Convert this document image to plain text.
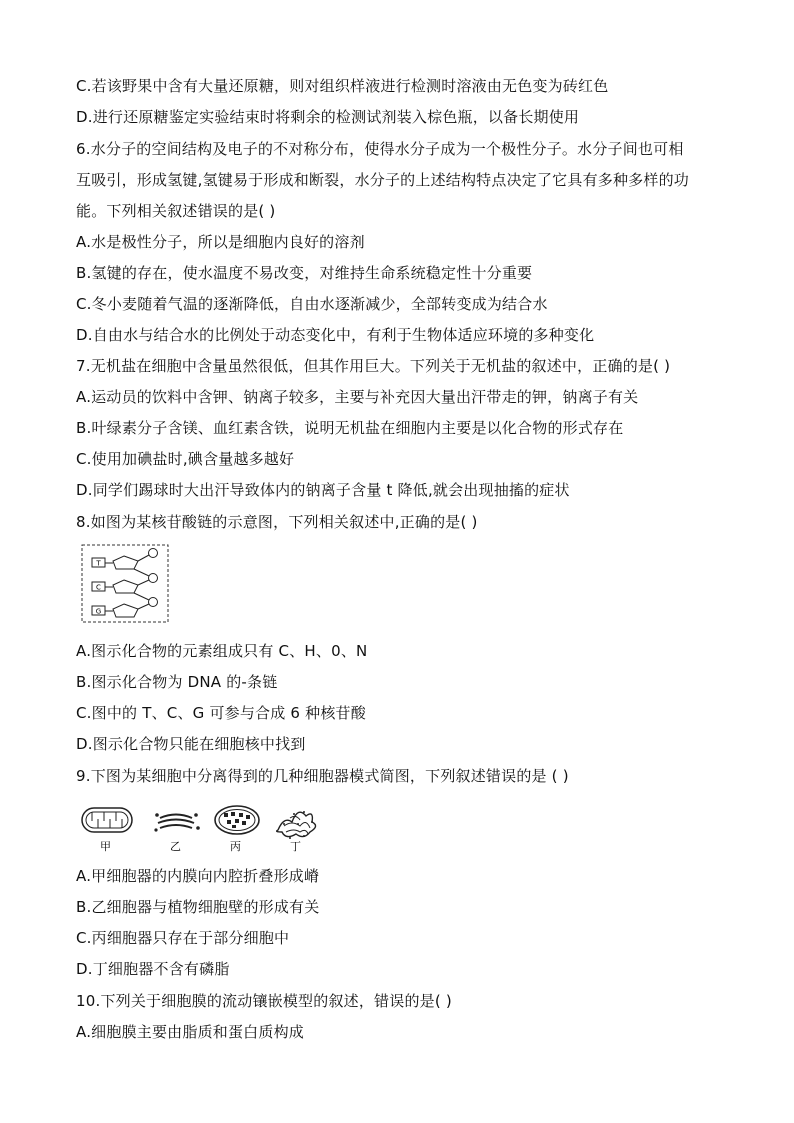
C.若该野果中含有大量还原糖，则对组织样液进行检测时溶液由无色变为砖红色
D.进行还原糖鉴定实验结束时将剩余的检测试剂装入棕色瓶，以备长期使用
6.水分子的空间结构及电子的不对称分布，使得水分子成为一个极性分子。水分子间也可相
互吸引，形成氢键,氢键易于形成和断裂，水分子的上述结构特点决定了它具有多种多样的功
能。下列相关叙述错误的是( )
A.水是极性分子，所以是细胞内良好的溶剂
B.氢键的存在，使水温度不易改变，对维持生命系统稳定性十分重要
C.冬小麦随着气温的逐渐降低，自由水逐渐减少，全部转变成为结合水
D.自由水与结合水的比例处于动态变化中，有利于生物体适应环境的多种变化
7.无机盐在细胞中含量虽然很低，但其作用巨大。下列关于无机盐的叙述中，正确的是( )
A.运动员的饮料中含钾、钠离子较多，主要与补充因大量出汗带走的钾，钠离子有关
B.叶绿素分子含镁、血红素含铁，说明无机盐在细胞内主要是以化合物的形式存在
C.使用加碘盐时,碘含量越多越好
D.同学们踢球时大出汗导致体内的钠离子含量 t 降低,就会出现抽搐的症状
8.如图为某核苷酸链的示意图，下列相关叙述中,正确的是( )
T
C
G
A.图示化合物的元素组成只有 C、H、0、N
B.图示化合物为 DNA 的-条链
C.图中的 T、C、G 可参与合成 6 种核苷酸
D.图示化合物只能在细胞核中找到
9.下图为某细胞中分离得到的几种细胞器模式简图，下列叙述错误的是 ( )
甲	乙	丙	丁
A.甲细胞器的内膜向内腔折叠形成嵴
B.乙细胞器与植物细胞壁的形成有关
C.丙细胞器只存在于部分细胞中
D.丁细胞器不含有磷脂
10.下列关于细胞膜的流动镶嵌模型的叙述，错误的是( )
A.细胞膜主要由脂质和蛋白质构成
